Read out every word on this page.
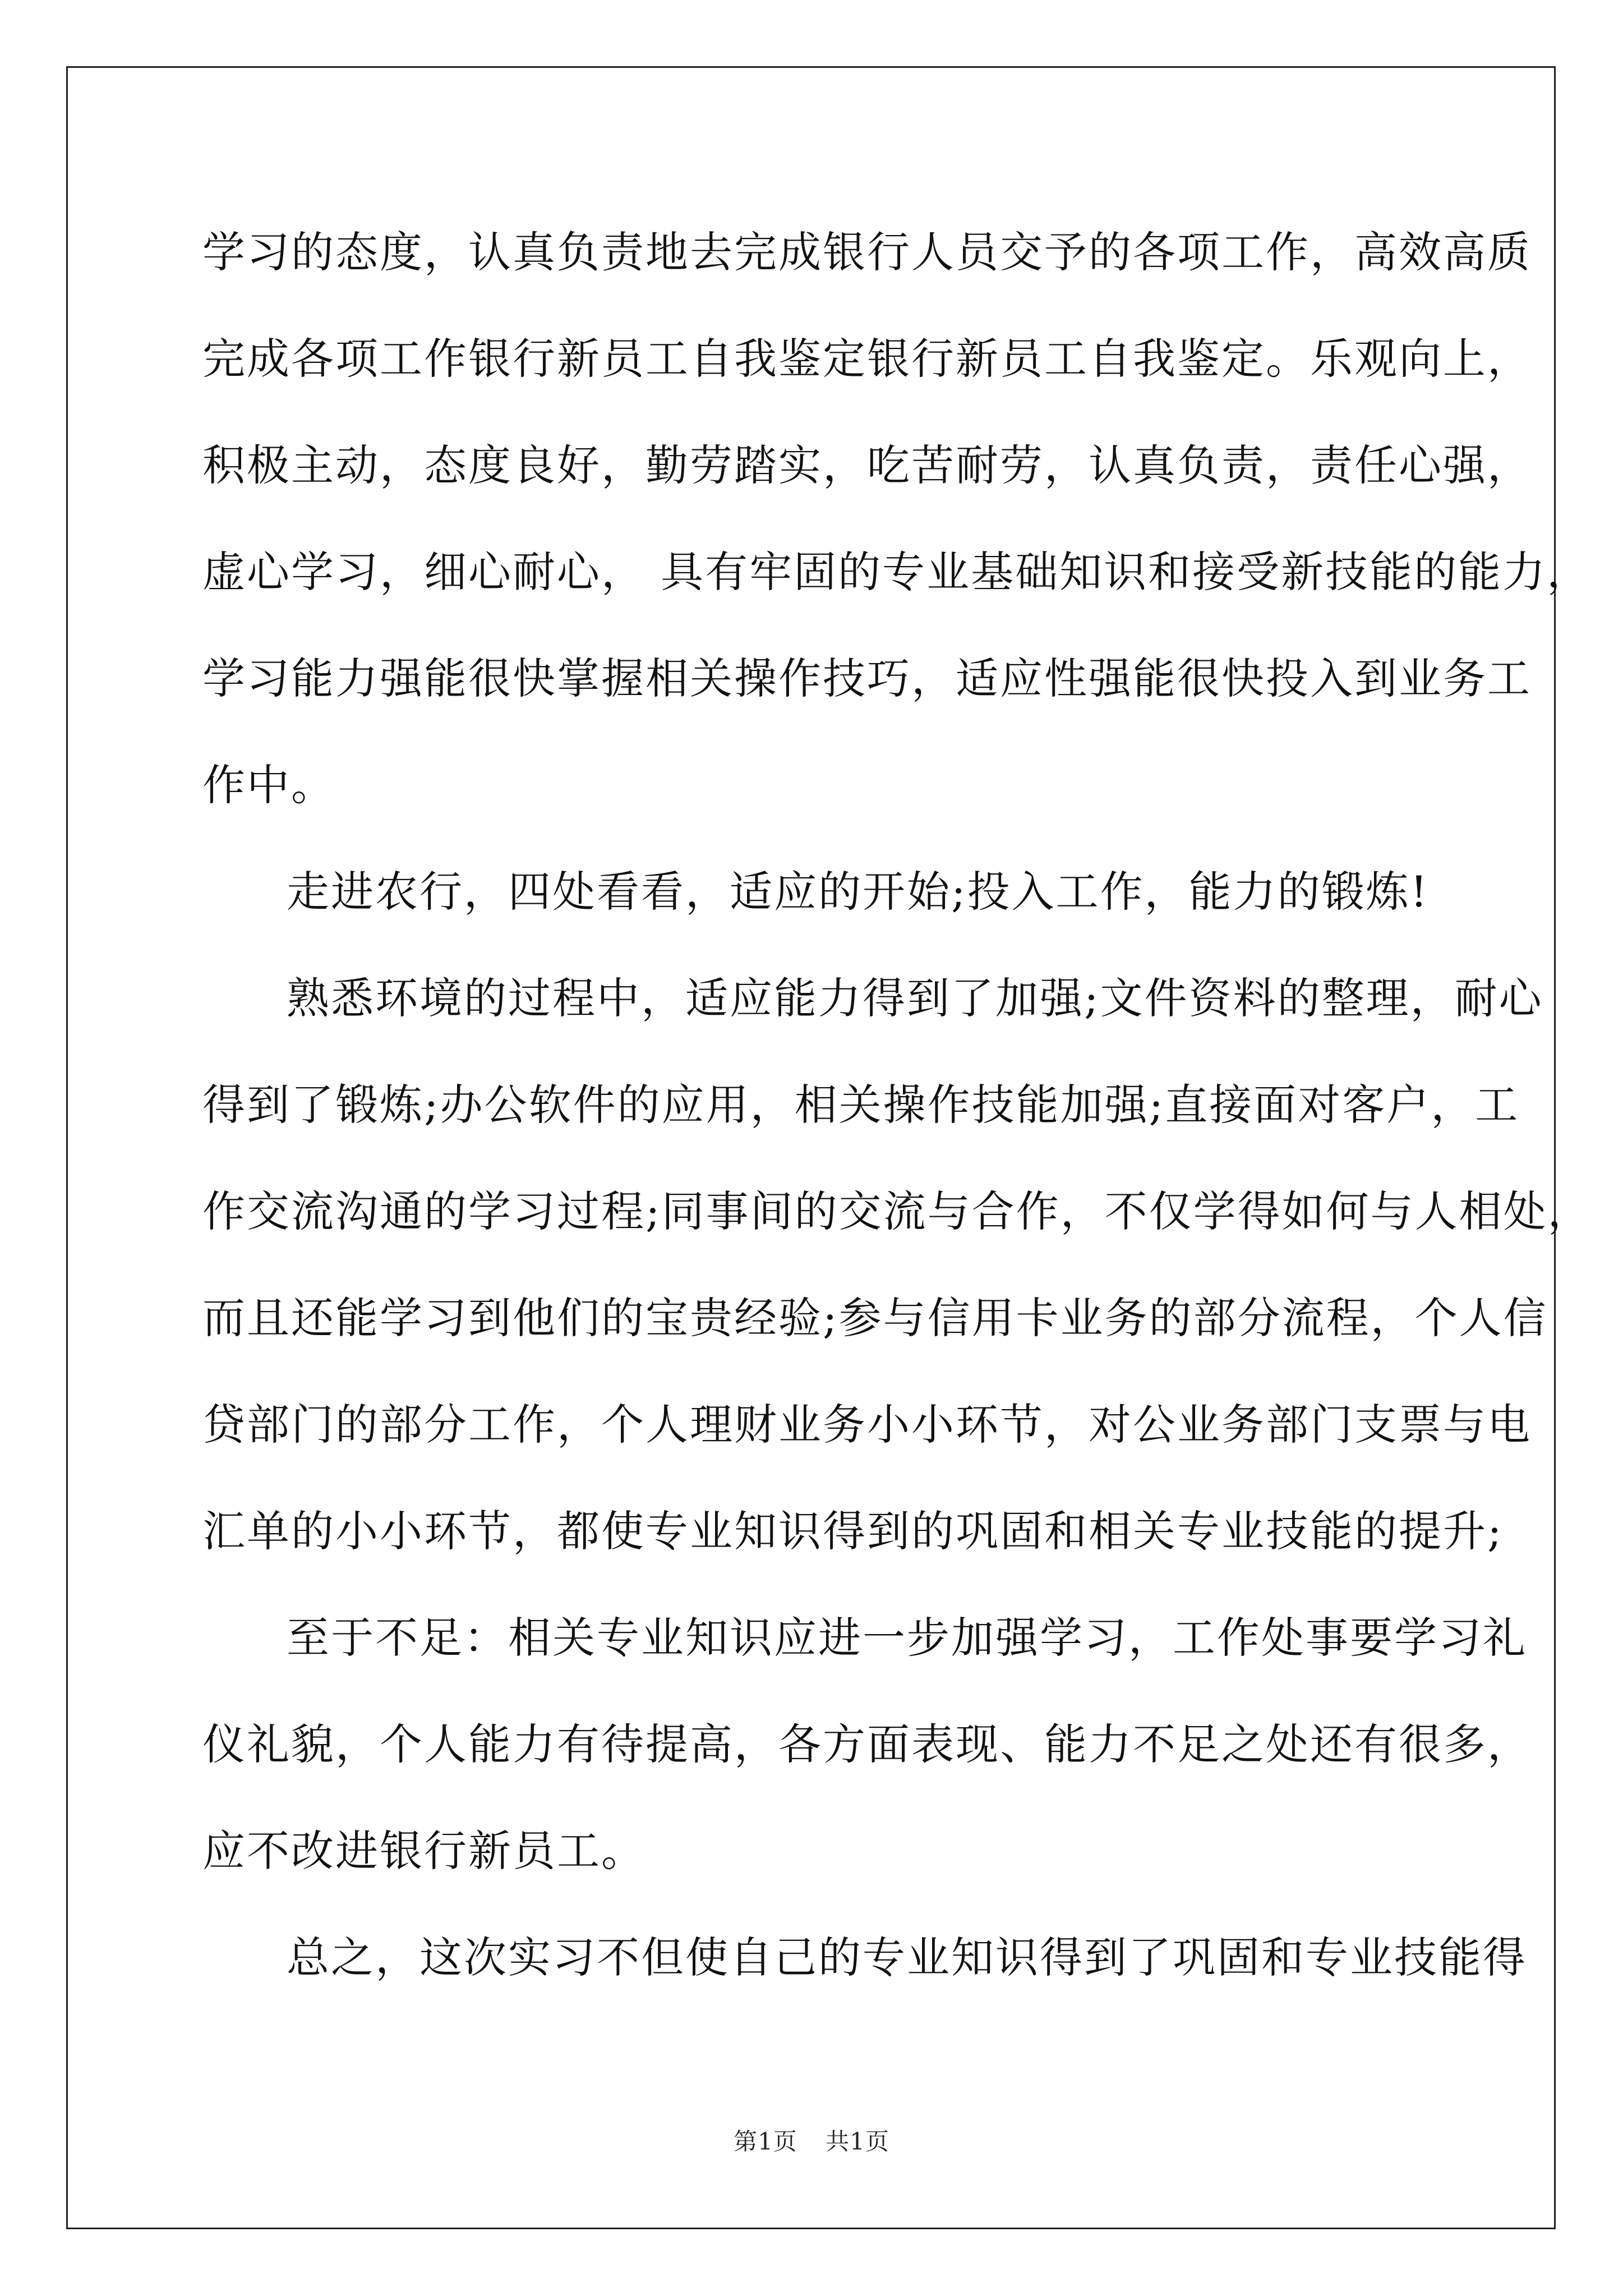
学习的态度，认真负责地去完成银行人员交予的各项工作，高效高质
完成各项工作银行新员工自我鉴定银行新员工自我鉴定。乐观向上，
积极主动，态度良好，勤劳踏实，吃苦耐劳，认真负责，责任心强，
虚心学习，细心耐心， 具有牢固的专业基础知识和接受新技能的能力，
学习能力强能很快掌握相关操作技巧，适应性强能很快投入到业务工
作中。
走进农行，四处看看，适应的开始;投入工作，能力的锻炼!
熟悉环境的过程中，适应能力得到了加强;文件资料的整理，耐心
得到了锻炼;办公软件的应用，相关操作技能加强;直接面对客户，工
作交流沟通的学习过程;同事间的交流与合作，不仅学得如何与人相处，
而且还能学习到他们的宝贵经验;参与信用卡业务的部分流程，个人信
贷部门的部分工作，个人理财业务小小环节，对公业务部门支票与电
汇单的小小环节，都使专业知识得到的巩固和相关专业技能的提升;
至于不足：相关专业知识应进一步加强学习，工作处事要学习礼
仪礼貌，个人能力有待提高，各方面表现、能力不足之处还有很多，
应不改进银行新员工。
总之，这次实习不但使自己的专业知识得到了巩固和专业技能得
第1页 共1页
